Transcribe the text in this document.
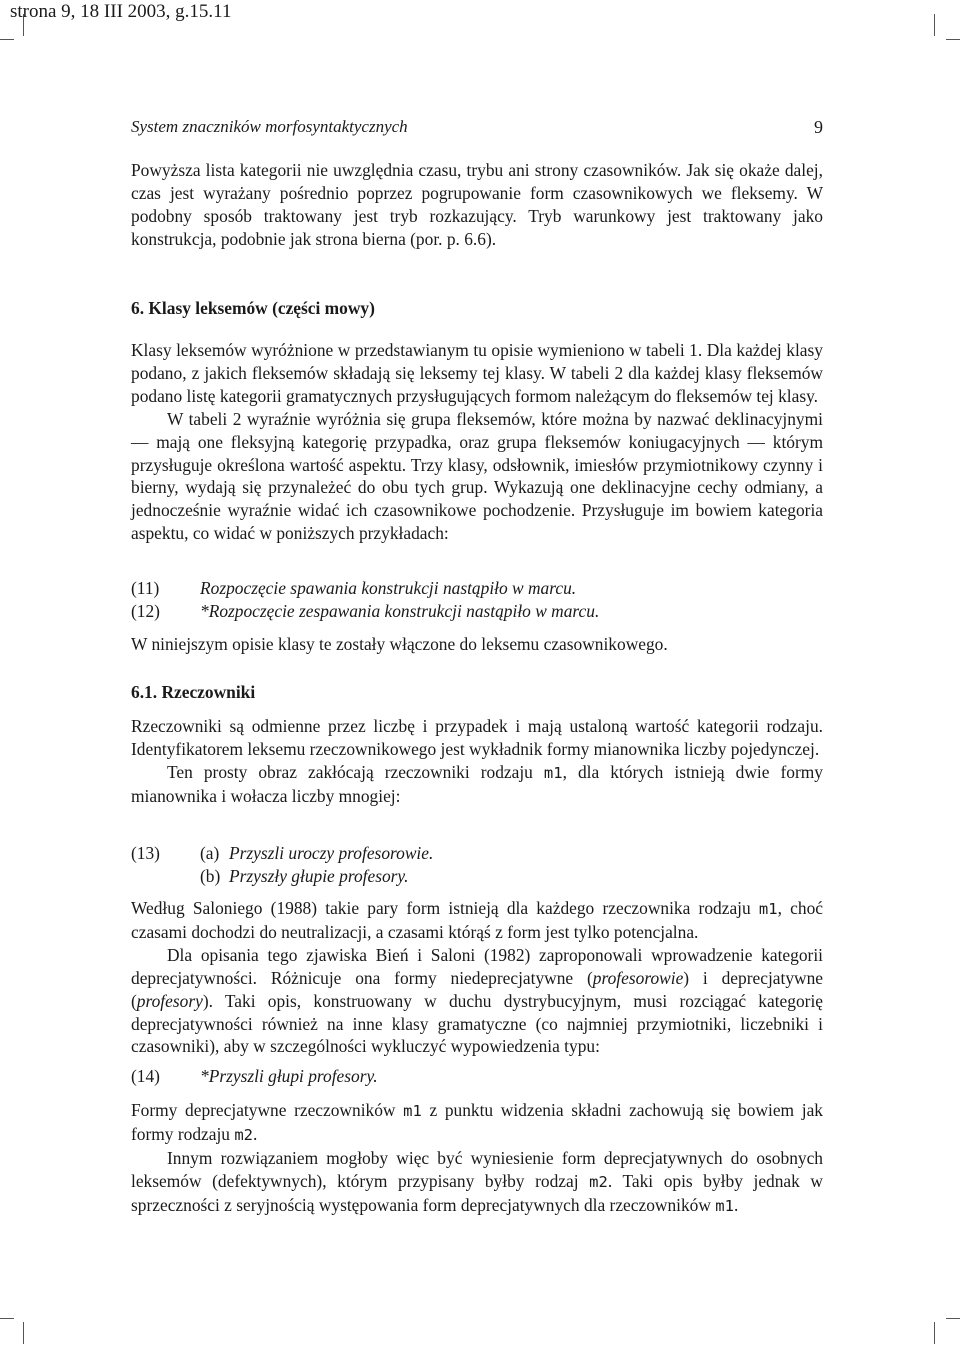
strona 9, 18 III 2003, g.15.11
System znaczników morfosyntaktycznych	9

Powyższa lista kategorii nie uwzględnia czasu, trybu ani strony czasowników. Jak się okaże dalej, czas jest wyrażany pośrednio poprzez pogrupowanie form czasownikowych we fleksemy. W podobny sposób traktowany jest tryb rozkazujący. Tryb warunkowy jest traktowany jako konstrukcja, podobnie jak strona bierna (por. p. 6.6).

6. Klasy leksemów (części mowy)

Klasy leksemów wyróżnione w przedstawianym tu opisie wymieniono w tabeli 1. Dla każdej klasy podano, z jakich fleksemów składają się leksemy tej klasy. W tabeli 2 dla każdej klasy fleksemów podano listę kategorii gramatycznych przysługujących formom należącym do fleksemów tej klasy.

W tabeli 2 wyraźnie wyróżnia się grupa fleksemów, które można by nazwać deklinacyjnymi — mają one fleksyjną kategorię przypadka, oraz grupa fleksemów koniugacyjnych — którym przysługuje określona wartość aspektu. Trzy klasy, odsłownik, imiesłów przymiotnikowy czynny i bierny, wydają się przynależeć do obu tych grup. Wykazują one deklinacyjne cechy odmiany, a jednocześnie wyraźnie widać ich czasownikowe pochodzenie. Przysługuje im bowiem kategoria aspektu, co widać w poniższych przykładach:

(11)	Rozpoczęcie spawania konstrukcji nastąpiło w marcu.
(12)	*Rozpoczęcie zespawania konstrukcji nastąpiło w marcu.

W niniejszym opisie klasy te zostały włączone do leksemu czasownikowego.

6.1. Rzeczowniki

Rzeczowniki są odmienne przez liczbę i przypadek i mają ustaloną wartość kategorii rodzaju. Identyfikatorem leksemu rzeczownikowego jest wykładnik formy mianownika liczby pojedynczej.

Ten prosty obraz zakłócają rzeczowniki rodzaju m1, dla których istnieją dwie formy mianownika i wołacza liczby mnogiej:

(13)	(a) Przyszli uroczy profesorowie.
(b) Przyszły głupie profesory.

Według Saloniego (1988) takie pary form istnieją dla każdego rzeczownika rodzaju m1, choć czasami dochodzi do neutralizacji, a czasami którąś z form jest tylko potencjalna.

Dla opisania tego zjawiska Bień i Saloni (1982) zaproponowali wprowadzenie kategorii deprecjatywności. Różnicuje ona formy niedeprecjatywne (profesorowie) i deprecjatywne (profesory). Taki opis, konstruowany w duchu dystrybucyjnym, musi rozciągać kategorię deprecjatywności również na inne klasy gramatyczne (co najmniej przymiotniki, liczebniki i czasowniki), aby w szczególności wykluczyć wypowiedzenia typu:

(14)	*Przyszli głupi profesory.

Formy deprecjatywne rzeczowników m1 z punktu widzenia składni zachowują się bowiem jak formy rodzaju m2.

Innym rozwiązaniem mogłoby więc być wyniesienie form deprecjatywnych do osobnych leksemów (defektywnych), którym przypisany byłby rodzaj m2. Taki opis byłby jednak w sprzeczności z seryjnością występowania form deprecjatywnych dla rzeczowników m1.
